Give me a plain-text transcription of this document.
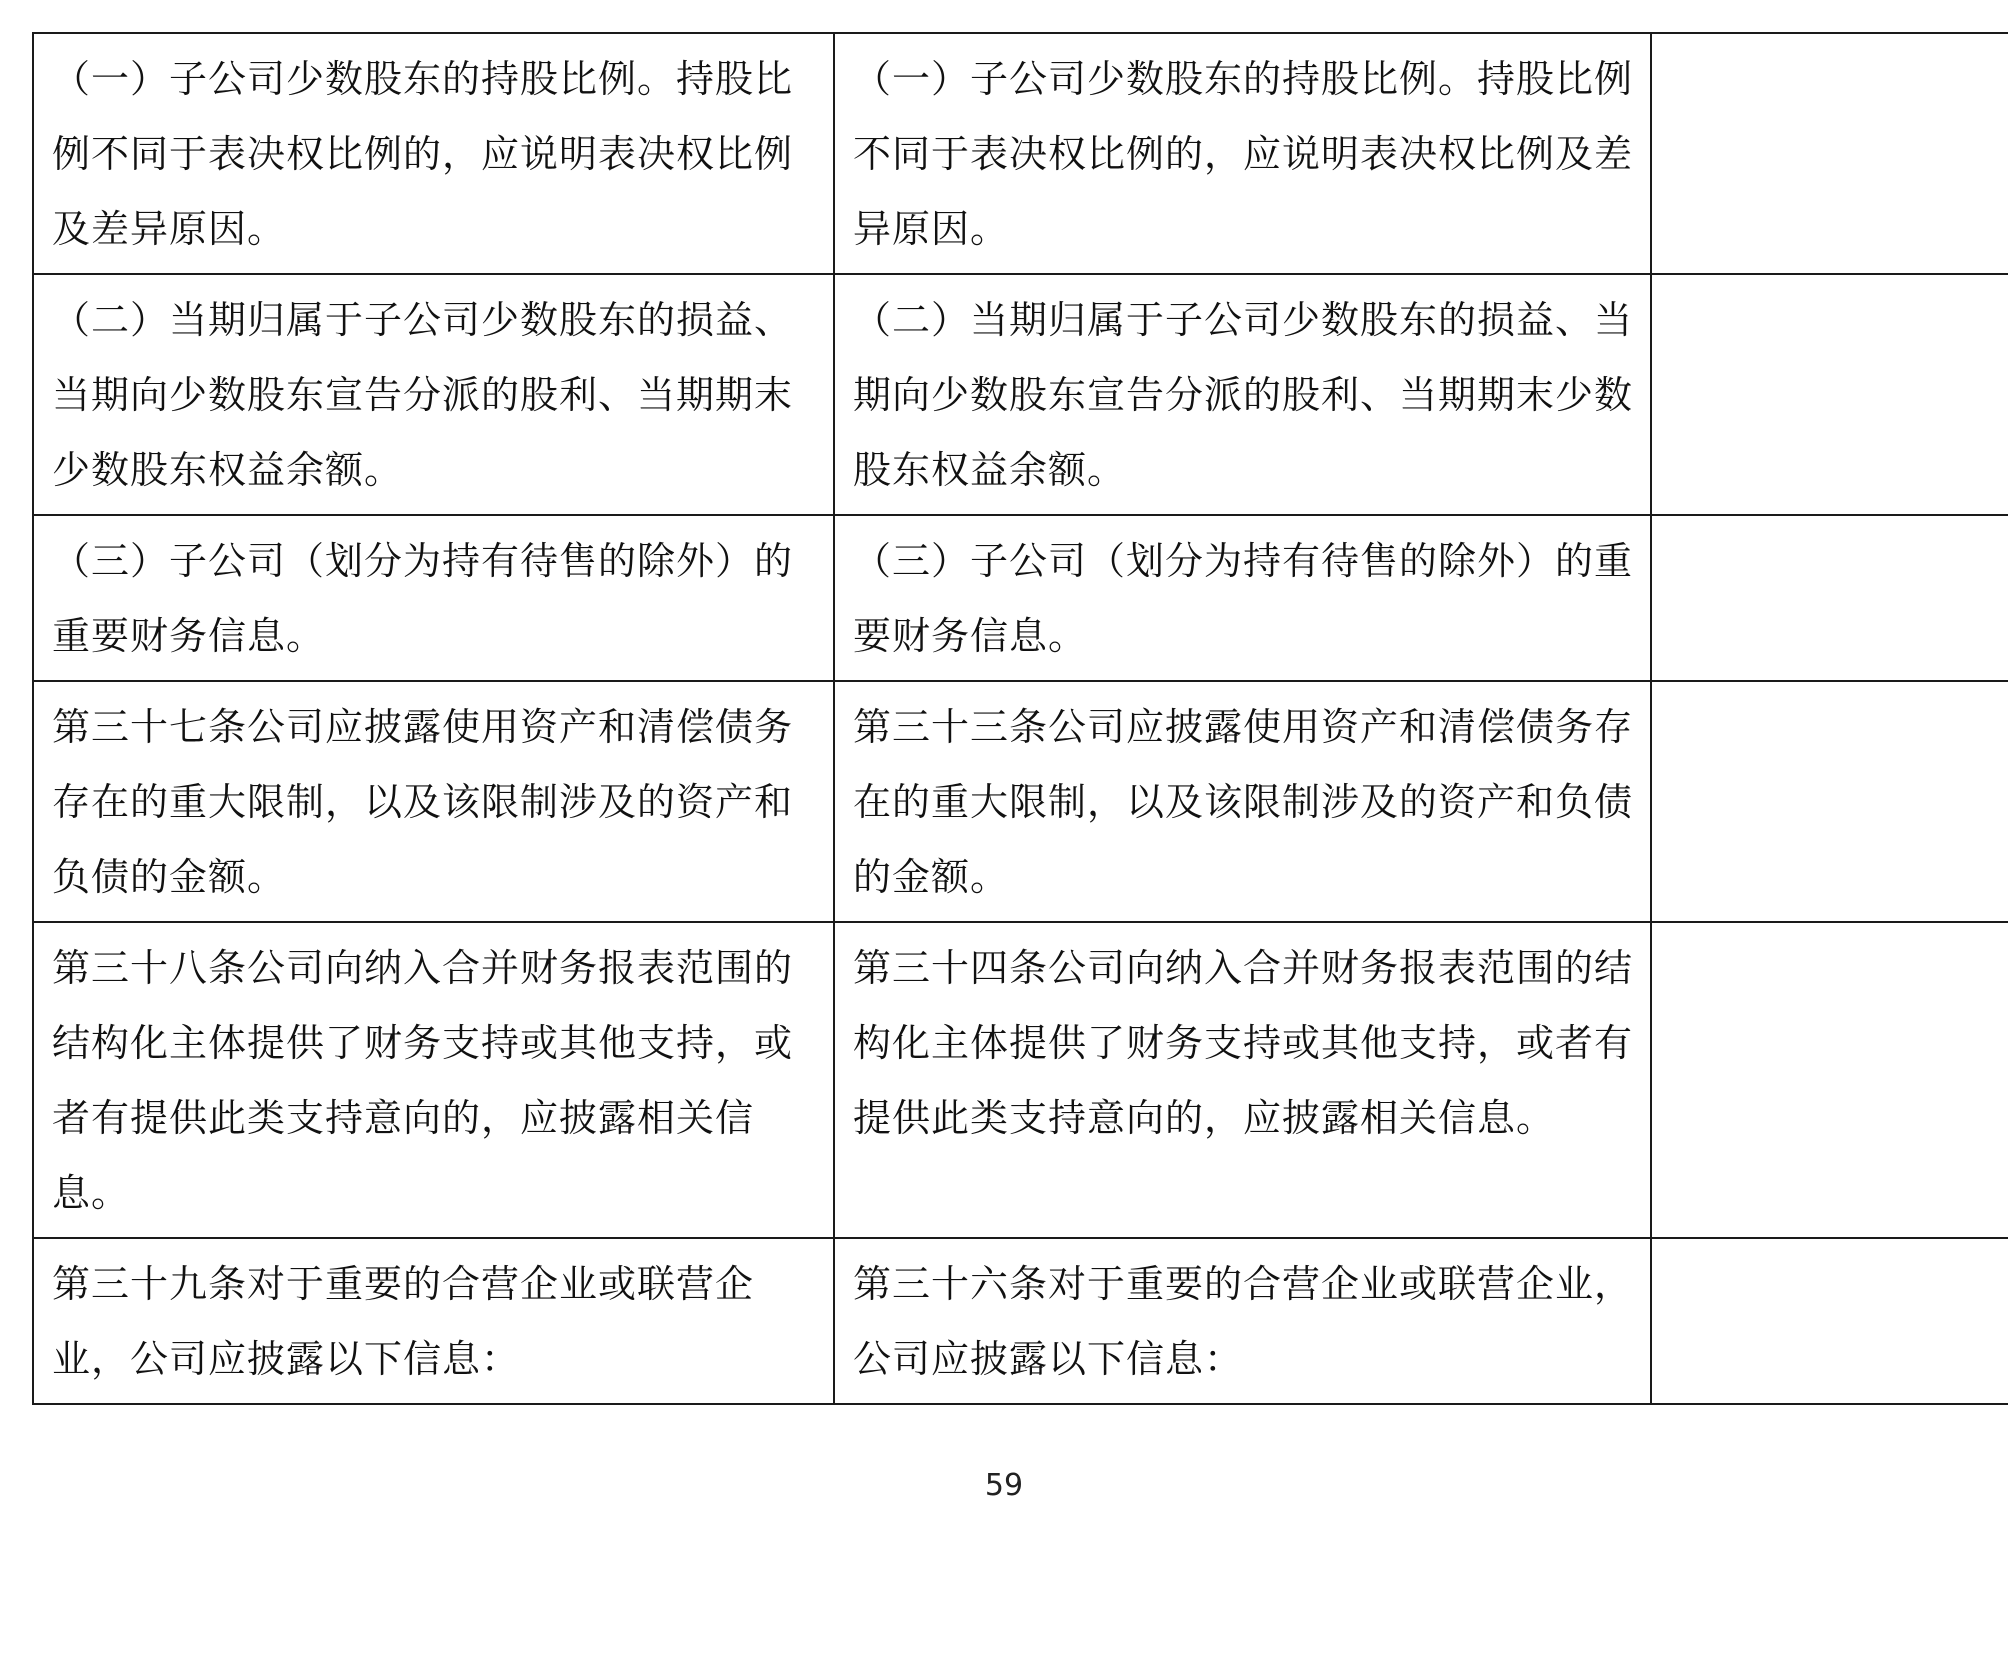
（一）子公司少数股东的持股比例。持股比例不同于表决权比例的，应说明表决权比例及差异原因。	（一）子公司少数股东的持股比例。持股比例不同于表决权比例的，应说明表决权比例及差异原因。	
（二）当期归属于子公司少数股东的损益、当期向少数股东宣告分派的股利、当期期末少数股东权益余额。	（二）当期归属于子公司少数股东的损益、当期向少数股东宣告分派的股利、当期期末少数股东权益余额。	
（三）子公司（划分为持有待售的除外）的重要财务信息。	（三）子公司（划分为持有待售的除外）的重要财务信息。	
第三十七条公司应披露使用资产和清偿债务存在的重大限制，以及该限制涉及的资产和负债的金额。	第三十三条公司应披露使用资产和清偿债务存在的重大限制，以及该限制涉及的资产和负债的金额。	
第三十八条公司向纳入合并财务报表范围的结构化主体提供了财务支持或其他支持，或者有提供此类支持意向的，应披露相关信息。	第三十四条公司向纳入合并财务报表范围的结构化主体提供了财务支持或其他支持，或者有提供此类支持意向的，应披露相关信息。	
第三十九条对于重要的合营企业或联营企业，公司应披露以下信息：	第三十六条对于重要的合营企业或联营企业，公司应披露以下信息：	
59
